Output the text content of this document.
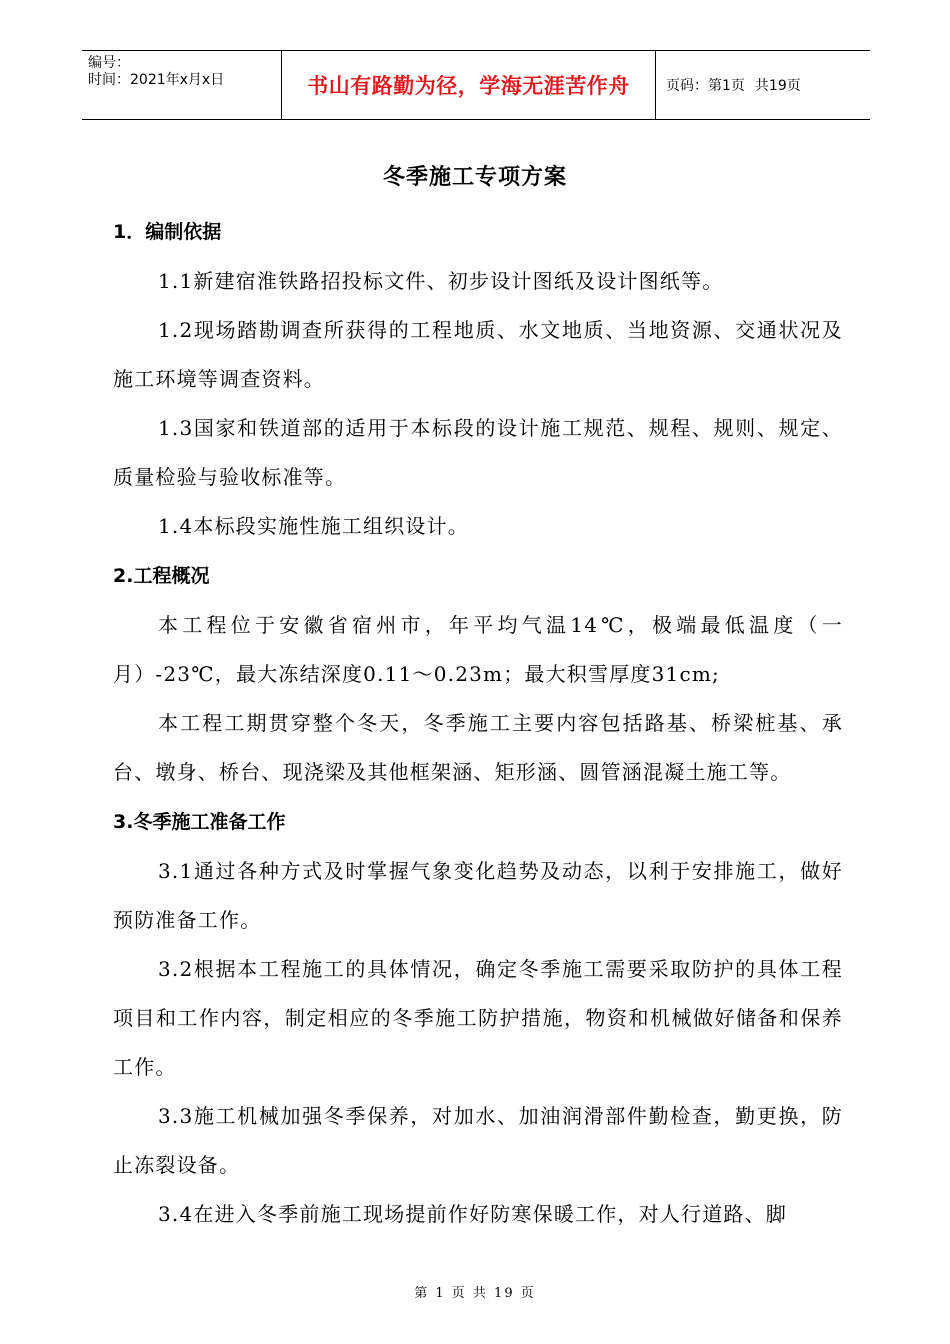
编号：
时间：2021年x月x日	书山有路勤为径，学海无涯苦作舟	页码：第1页 共19页
冬季施工专项方案

1．编制依据

1.1新建宿淮铁路招投标文件、初步设计图纸及设计图纸等。

1.2现场踏勘调查所获得的工程地质、水文地质、当地资源、交通状况及施工环境等调查资料。

1.3国家和铁道部的适用于本标段的设计施工规范、规程、规则、规定、质量检验与验收标准等。

1.4本标段实施性施工组织设计。

2.工程概况

本工程位于安徽省宿州市，年平均气温14℃，极端最低温度（一月）-23℃，最大冻结深度0.11～0.23m；最大积雪厚度31cm;

本工程工期贯穿整个冬天，冬季施工主要内容包括路基、桥梁桩基、承台、墩身、桥台、现浇梁及其他框架涵、矩形涵、圆管涵混凝土施工等。

3.冬季施工准备工作

3.1通过各种方式及时掌握气象变化趋势及动态，以利于安排施工，做好预防准备工作。

3.2根据本工程施工的具体情况，确定冬季施工需要采取防护的具体工程项目和工作内容，制定相应的冬季施工防护措施，物资和机械做好储备和保养工作。

3.3施工机械加强冬季保养，对加水、加油润滑部件勤检查，勤更换，防止冻裂设备。

3.4在进入冬季前施工现场提前作好防寒保暖工作，对人行道路、脚

第 1 页 共 19 页
